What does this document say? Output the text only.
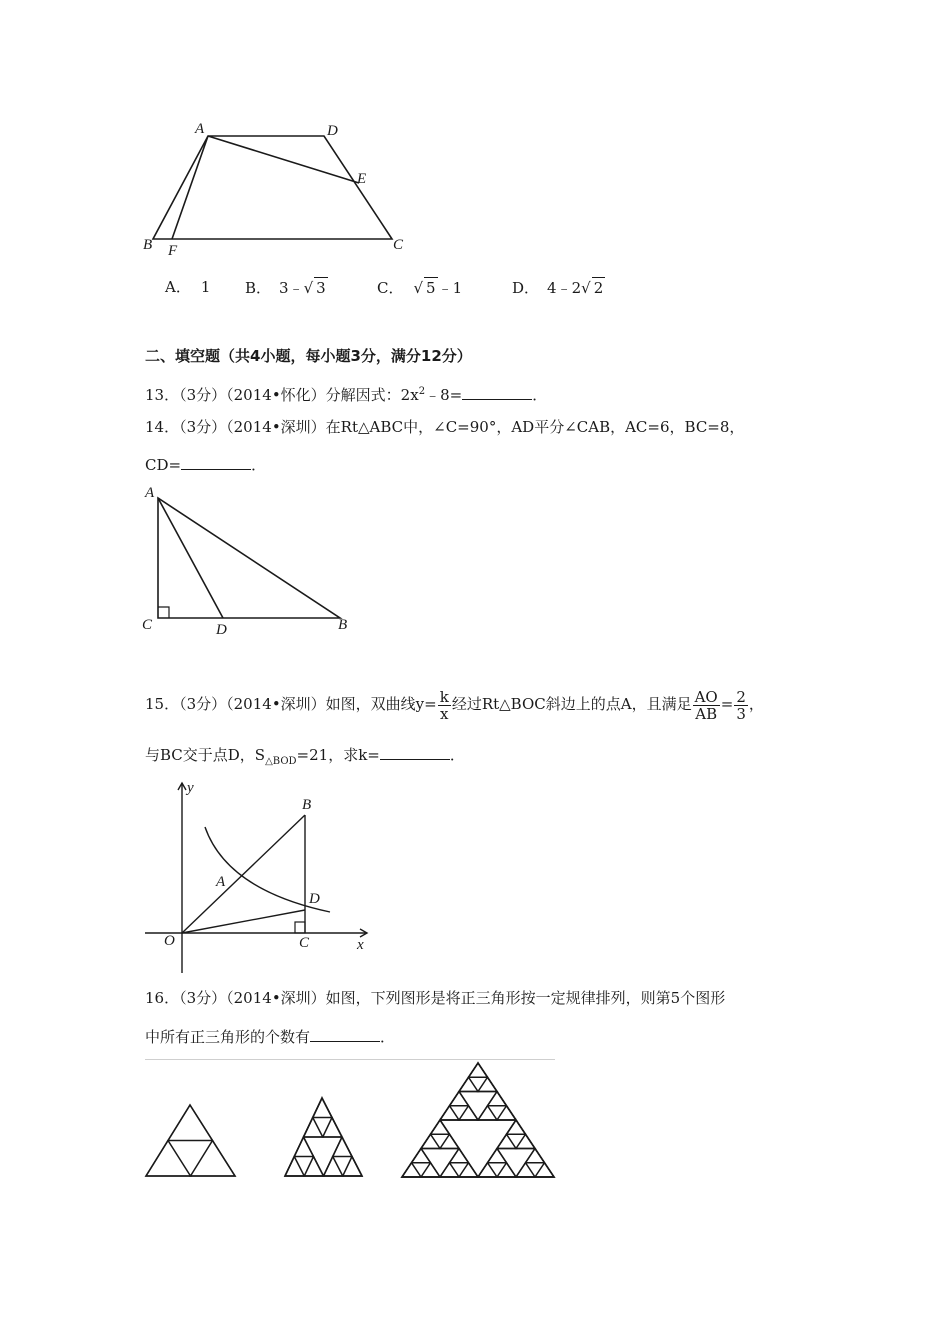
A	D
E
B F	C
A． 1 B． 3﹣√ 3	C． √ 5 ﹣1	D． 4﹣2√ 2
二、填空题（共4小题，每小题3分，满分12分）
13．（3分）（2014•怀化）分解因式：$2x^2﹣8=$	．
14．（3分）（2014•深圳）在Rt△ABC中，∠C=90°，AD平分∠CAB，AC=6，BC=8，
CD=	．
A
C	D	B
15．（3分）（2014•深圳）如图，双曲线$y= \frac{k}{x}$ 经过Rt△BOC斜边上的点A，且满足 $\frac{AO}{AB} = \frac{2}{3}$ ，
与BC交于点D，$S_{\triangle BOD}=21$，求k=	．
y
x
O
A
B
C
D
16．（3分）（2014•深圳）如图，下列图形是将正三角形按一定规律排列，则第5个图形
中所有正三角形的个数有	．
